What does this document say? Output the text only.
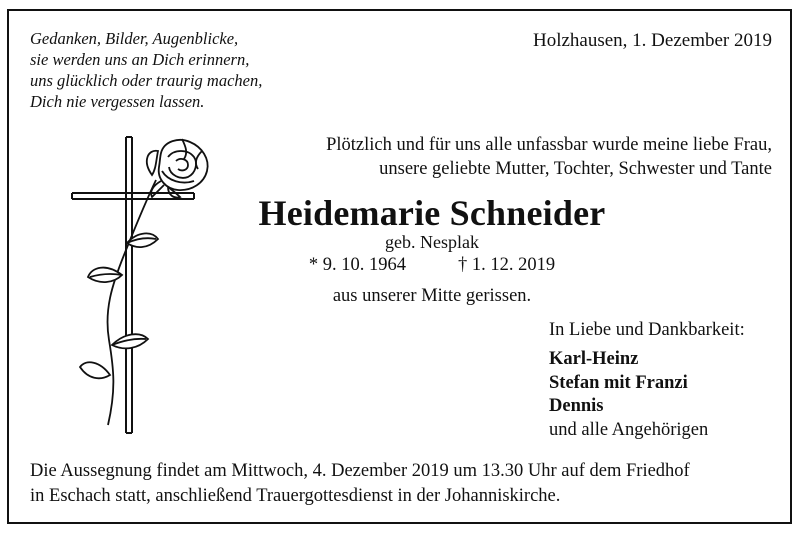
Gedanken, Bilder, Augenblicke,
sie werden uns an Dich erinnern,
uns glücklich oder traurig machen,
Dich nie vergessen lassen.
Holzhausen, 1. Dezember 2019
Plötzlich und für uns alle unfassbar wurde meine liebe Frau,
unsere geliebte Mutter, Tochter, Schwester und Tante
Heidemarie Schneider
geb. Nesplak
* 9. 10. 1964	† 1. 12. 2019
aus unserer Mitte gerissen.
In Liebe und Dankbarkeit:
Karl-Heinz
Stefan mit Franzi
Dennis
und alle Angehörigen
Die Aussegnung findet am Mittwoch, 4. Dezember 2019 um 13.30 Uhr auf dem Friedhof
in Eschach statt, anschließend Trauergottesdienst in der Johanniskirche.
